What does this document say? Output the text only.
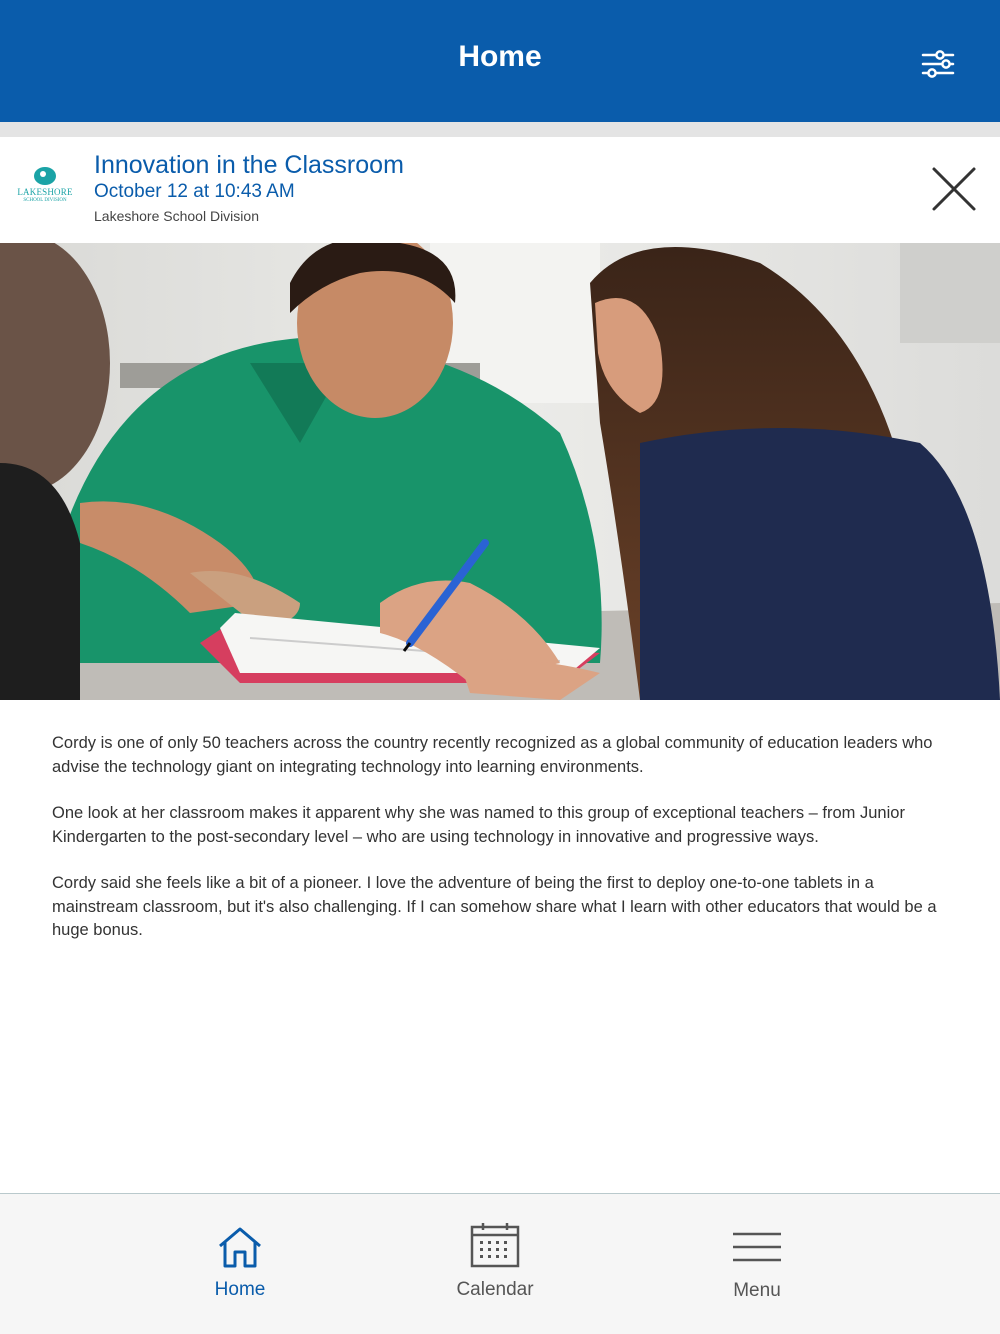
Home
LAKESHORE
SCHOOL DIVISION
Innovation in the Classroom
October 12 at 10:43 AM
Lakeshore School Division

Cordy is one of only 50 teachers across the country recently recognized as a global community of education leaders who advise the technology giant on integrating technology into learning environments.

One look at her classroom makes it apparent why she was named to this group of exceptional teachers – from Junior Kindergarten to the post-secondary level – who are using technology in innovative and progressive ways.

Cordy said she feels like a bit of a pioneer. I love the adventure of being the first to deploy one-to-one tablets in a mainstream classroom, but it's also challenging. If I can somehow share what I learn with other educators that would be a huge bonus.

Home	Calendar	Menu
